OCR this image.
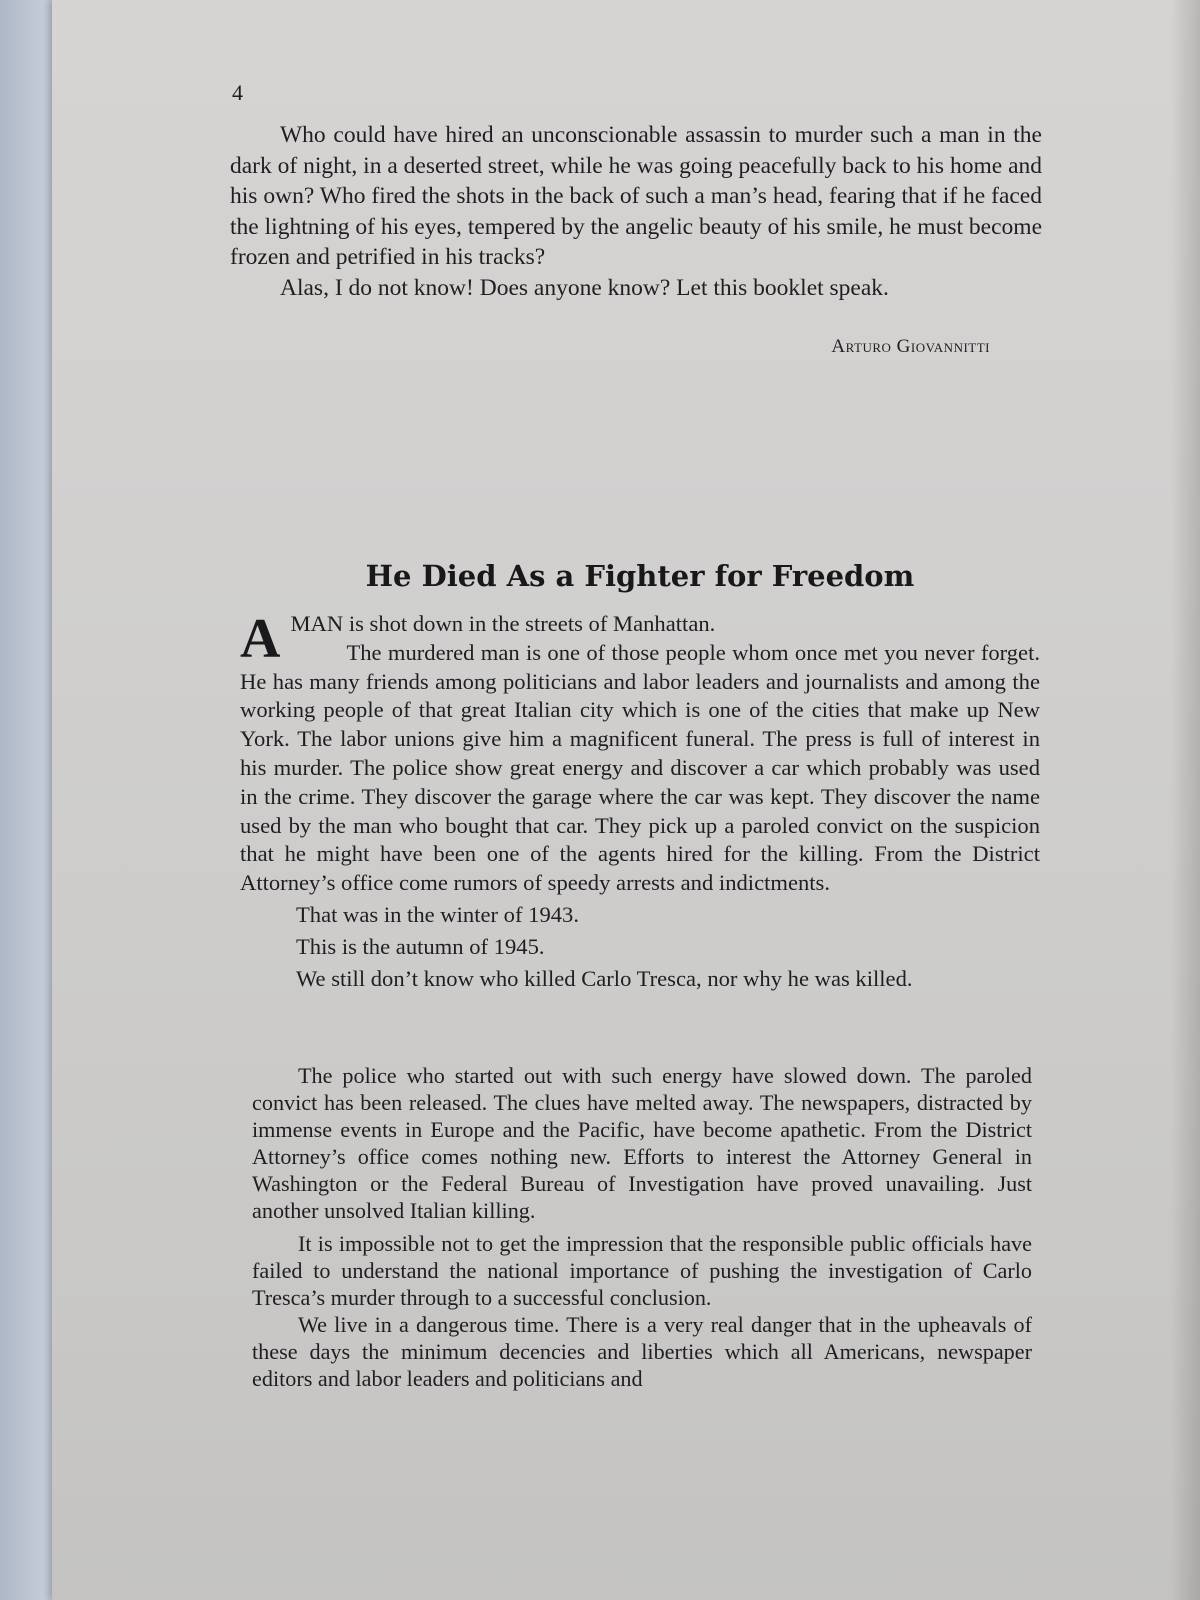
4

Who could have hired an unconscionable assassin to murder such a man in the dark of night, in a deserted street, while he was going peacefully back to his home and his own? Who fired the shots in the back of such a man’s head, fearing that if he faced the lightning of his eyes, tempered by the angelic beauty of his smile, he must become frozen and petrified in his tracks?

Alas, I do not know! Does anyone know? Let this booklet speak.

Arturo Giovannitti
He Died As a Fighter for Freedom

AMAN is shot down in the streets of Manhattan.

The murdered man is one of those people whom once met you never forget. He has many friends among politicians and labor leaders and journalists and among the working people of that great Italian city which is one of the cities that make up New York. The labor unions give him a magnificent funeral. The press is full of interest in his murder. The police show great energy and discover a car which probably was used in the crime. They discover the garage where the car was kept. They discover the name used by the man who bought that car. They pick up a paroled convict on the suspicion that he might have been one of the agents hired for the killing. From the District Attorney’s office come rumors of speedy arrests and indictments.

That was in the winter of 1943.

This is the autumn of 1945.

We still don’t know who killed Carlo Tresca, nor why he was killed.

The police who started out with such energy have slowed down. The paroled convict has been released. The clues have melted away. The newspapers, distracted by immense events in Europe and the Pacific, have become apathetic. From the District Attorney’s office comes nothing new. Efforts to interest the Attorney General in Washington or the Federal Bureau of Investigation have proved unavailing. Just another unsolved Italian killing.

It is impossible not to get the impression that the responsible public officials have failed to understand the national importance of pushing the investigation of Carlo Tresca’s murder through to a successful conclusion.

We live in a dangerous time. There is a very real danger that in the upheavals of these days the minimum decencies and liberties which all Americans, newspaper editors and labor leaders and politicians and
